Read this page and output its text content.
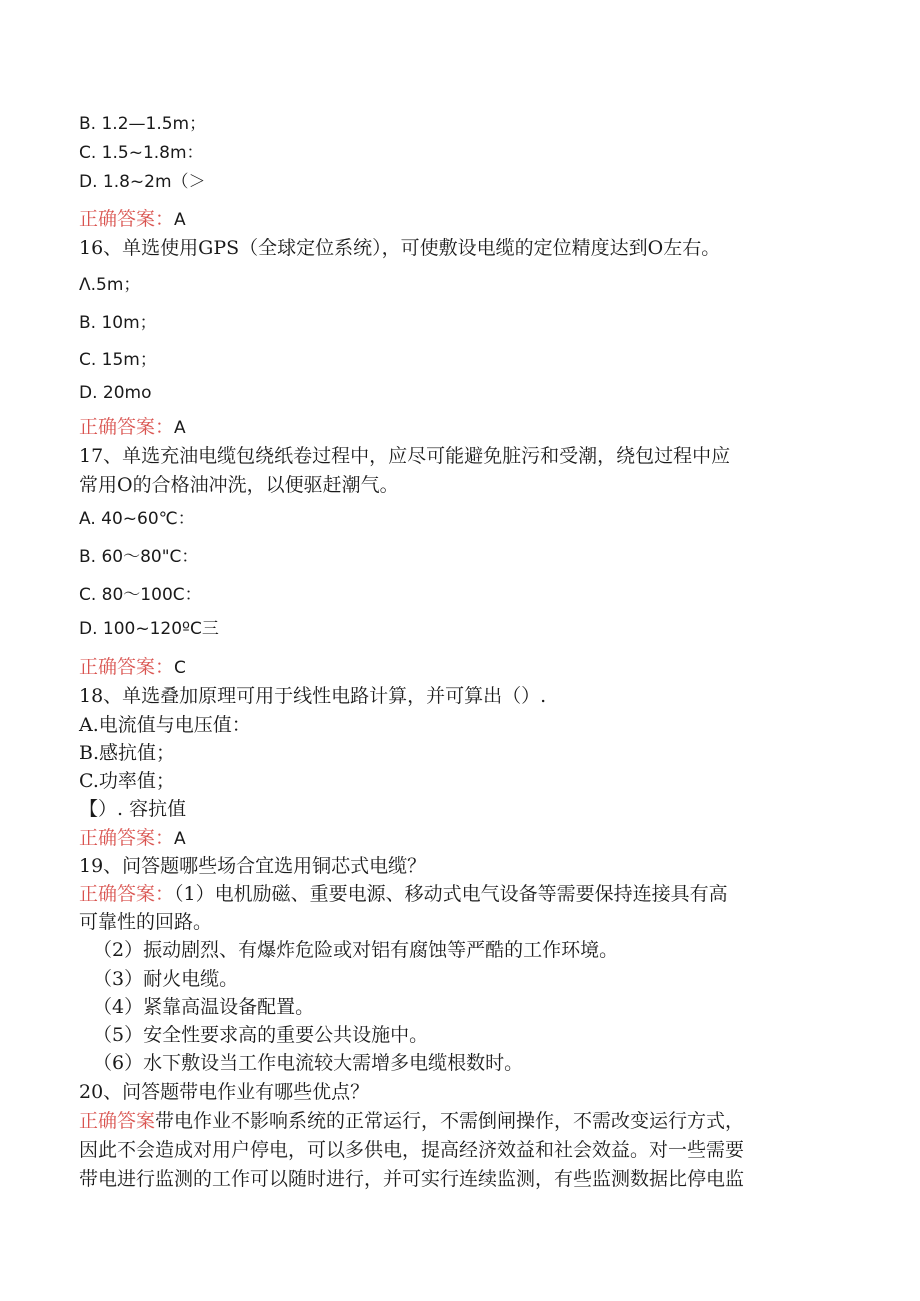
B. 1.2—1.5m；
C. 1.5~1.8m：
D. 1.8~2m（＞
正确答案：A
16、单选使用GPS（全球定位系统），可使敷设电缆的定位精度达到O左右。
Λ.5m；
B. 10m；
C. 15m；
D. 20mo
正确答案：A
17、单选充油电缆包绕纸卷过程中，应尽可能避免脏污和受潮，绕包过程中应
常用O的合格油冲洗，以便驱赶潮气。
A. 40~60℃：
B. 60～80"C：
C. 80～100C：
D. 100~120ºC三
正确答案：C
18、单选叠加原理可用于线性电路计算，并可算出（）.
A.电流值与电压值：
B.感抗值；
C.功率值；
【）. 容抗值
正确答案：A
19、问答题哪些场合宜选用铜芯式电缆？
正确答案：（1）电机励磁、重要电源、移动式电气设备等需要保持连接具有高
可靠性的回路。
（2）振动剧烈、有爆炸危险或对铝有腐蚀等严酷的工作环境。
（3）耐火电缆。
（4）紧靠高温设备配置。
（5）安全性要求高的重要公共设施中。
（6）水下敷设当工作电流较大需增多电缆根数时。
20、问答题带电作业有哪些优点？
正确答案带电作业不影响系统的正常运行，不需倒闸操作，不需改变运行方式，
因此不会造成对用户停电，可以多供电，提高经济效益和社会效益。对一些需要
带电进行监测的工作可以随时进行，并可实行连续监测，有些监测数据比停电监
